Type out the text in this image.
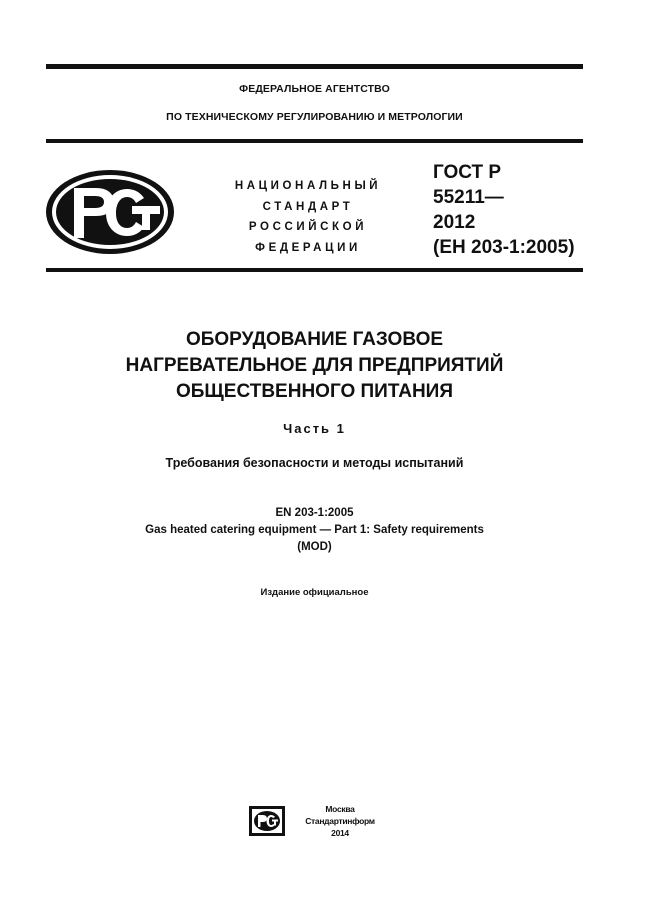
ФЕДЕРАЛЬНОЕ АГЕНТСТВО
ПО ТЕХНИЧЕСКОМУ РЕГУЛИРОВАНИЮ И МЕТРОЛОГИИ
НАЦИОНАЛЬНЫЙ
СТАНДАРТ
РОССИЙСКОЙ
ФЕДЕРАЦИИ
ГОСТ Р
55211—
2012
(ЕН 203-1:2005)
ОБОРУДОВАНИЕ ГАЗОВОЕ
НАГРЕВАТЕЛЬНОЕ ДЛЯ ПРЕДПРИЯТИЙ
ОБЩЕСТВЕННОГО ПИТАНИЯ
Часть 1
Требования безопасности и методы испытаний
EN 203-1:2005
Gas heated catering equipment — Part 1: Safety requirements
(MOD)
Издание официальное
Москва
Стандартинформ
2014
